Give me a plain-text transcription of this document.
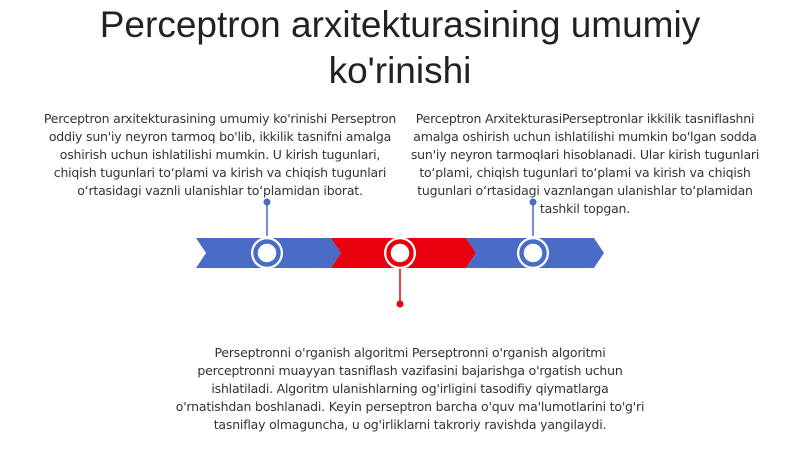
Perceptron arxitekturasining umumiy ko'rinishi
Perceptron arxitekturasining umumiy ko'rinishi Perseptron oddiy sun'iy neyron tarmoq bo'lib, ikkilik tasnifni amalga oshirish uchun ishlatilishi mumkin. U kirish tugunlari, chiqish tugunlari toʻplami va kirish va chiqish tugunlari oʻrtasidagi vaznli ulanishlar toʻplamidan iborat.
Perceptron ArxitekturasiPerseptronlar ikkilik tasniflashni amalga oshirish uchun ishlatilishi mumkin bo'lgan sodda sun'iy neyron tarmoqlari hisoblanadi. Ular kirish tugunlari toʻplami, chiqish tugunlari toʻplami va kirish va chiqish tugunlari oʻrtasidagi vaznlangan ulanishlar toʻplamidan tashkil topgan.
Perseptronni o'rganish algoritmi Perseptronni o'rganish algoritmi perceptronni muayyan tasniflash vazifasini bajarishga o'rgatish uchun ishlatiladi. Algoritm ulanishlarning og'irligini tasodifiy qiymatlarga o'rnatishdan boshlanadi. Keyin perseptron barcha o'quv ma'lumotlarini to'g'ri tasniflay olmaguncha, u og'irliklarni takroriy ravishda yangilaydi.
